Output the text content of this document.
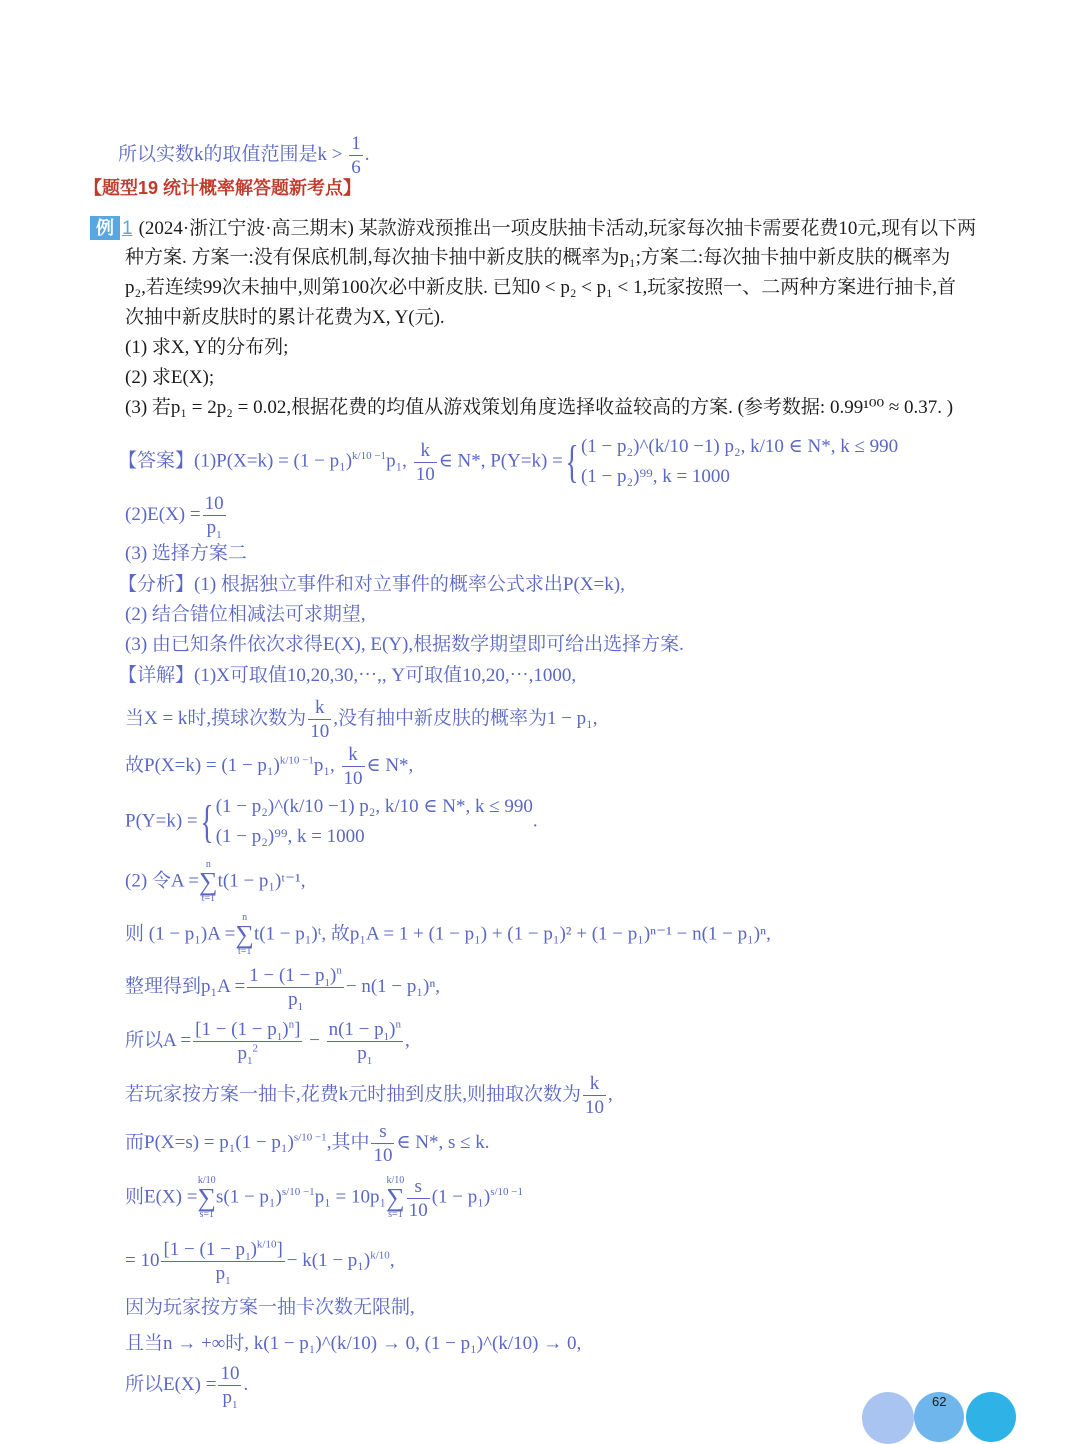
所以实数k的取值范围是$k > \frac{1}{6}$ .
【题型19 统计概率解答题新考点】
例 1 (2024·浙江宁波·高三期末) 某款游戏预推出一项皮肤抽卡活动,玩家每次抽卡需要花费10元,现有以下两
种方案. 方案一:没有保底机制,每次抽卡抽中新皮肤的概率为p₁;方案二:每次抽卡抽中新皮肤的概率为
p₂,若连续99次未抽中,则第100次必中新皮肤. 已知0 < p₂ < p₁ < 1,玩家按照一、二两种方案进行抽卡,首
次抽中新皮肤时的累计花费为X, Y(元).
(1) 求X, Y的分布列;
(2) 求E(X);
(3) 若p₁ = 2p₂ = 0.02,根据花费的均值从游戏策划角度选择收益较高的方案. (参考数据: 0.99¹⁰⁰ ≈ 0.37. )
【答案】$(1)P(X=k) = (1 - p_1)^{k/10 -1}p_1$, $\frac{k}{10}$ ∈ N*, P(Y=k) ={ (1 − p₂)^(k/10 −1) p₂, k/10 ∈ N*, k ≤ 990
(1 − p₂)⁹⁹, k = 1000
$(2)E(X) = \frac{10}{p_1}$
(3) 选择方案二
【分析】(1) 根据独立事件和对立事件的概率公式求出P(X=k),
(2) 结合错位相减法可求期望,
(3) 由已知条件依次求得E(X), E(Y),根据数学期望即可给出选择方案.
【详解】(1)X可取值10,20,30,⋯,, Y可取值10,20,⋯,1000,
当X = k时,摸球次数为 $\frac{k}{10}$ ,没有抽中新皮肤的概率为1 − p₁,
故$P(X=k) = (1 - p_1)^{k/10 -1}p_1$, $\frac{k}{10}$ ∈ N*,
P(Y=k) ={ (1 − p₂)^(k/10 −1) p₂, k/10 ∈ N*, k ≤ 990
(1 − p₂)⁹⁹, k = 1000.
(2) 令A =n
∑
t=1t(1 − p₁)ᵗ⁻¹,
则 (1 − p₁)A =n
∑
t=1t(1 − p₁)ᵗ, 故p₁A = 1 + (1 − p₁) + (1 − p₁)² + (1 − p₁)ⁿ⁻¹ − n(1 − p₁)ⁿ,
整理得到$p_1A = \frac{1 - (1 - p_1)^n}{p_1} - n(1 - p_1)^n$,
所以$A = \frac{[1 - (1 - p_1)^n]}{p_1^2} - \frac{n(1 - p_1)^n}{p_1}$ ,
若玩家按方案一抽卡,花费k元时抽到皮肤,则抽取次数为 $\frac{k}{10}$ ,
而$P(X=s) = p_1(1 - p_1)^{s/10 -1}$,其中 $\frac{s}{10}$ ∈ N*, s ≤ k.
则E(X) =k/10
∑
$s=1s(1 - p_1)^{s/10 -1}p_1 = 10p_1k/10$
∑
$s=1 \frac{s}{10} (1 - p_1)^{s/10 -1}$
= $10 \frac{[1 - (1 - p_1)^{k/10}]}{p_1} - k(1 - p_1)^{k/10}$,
因为玩家按方案一抽卡次数无限制,
且当n → +∞时, k(1 − p₁)^(k/10) → 0, (1 − p₁)^(k/10) → 0,
所以$E(X) = \frac{10}{p_1}$ .
62
